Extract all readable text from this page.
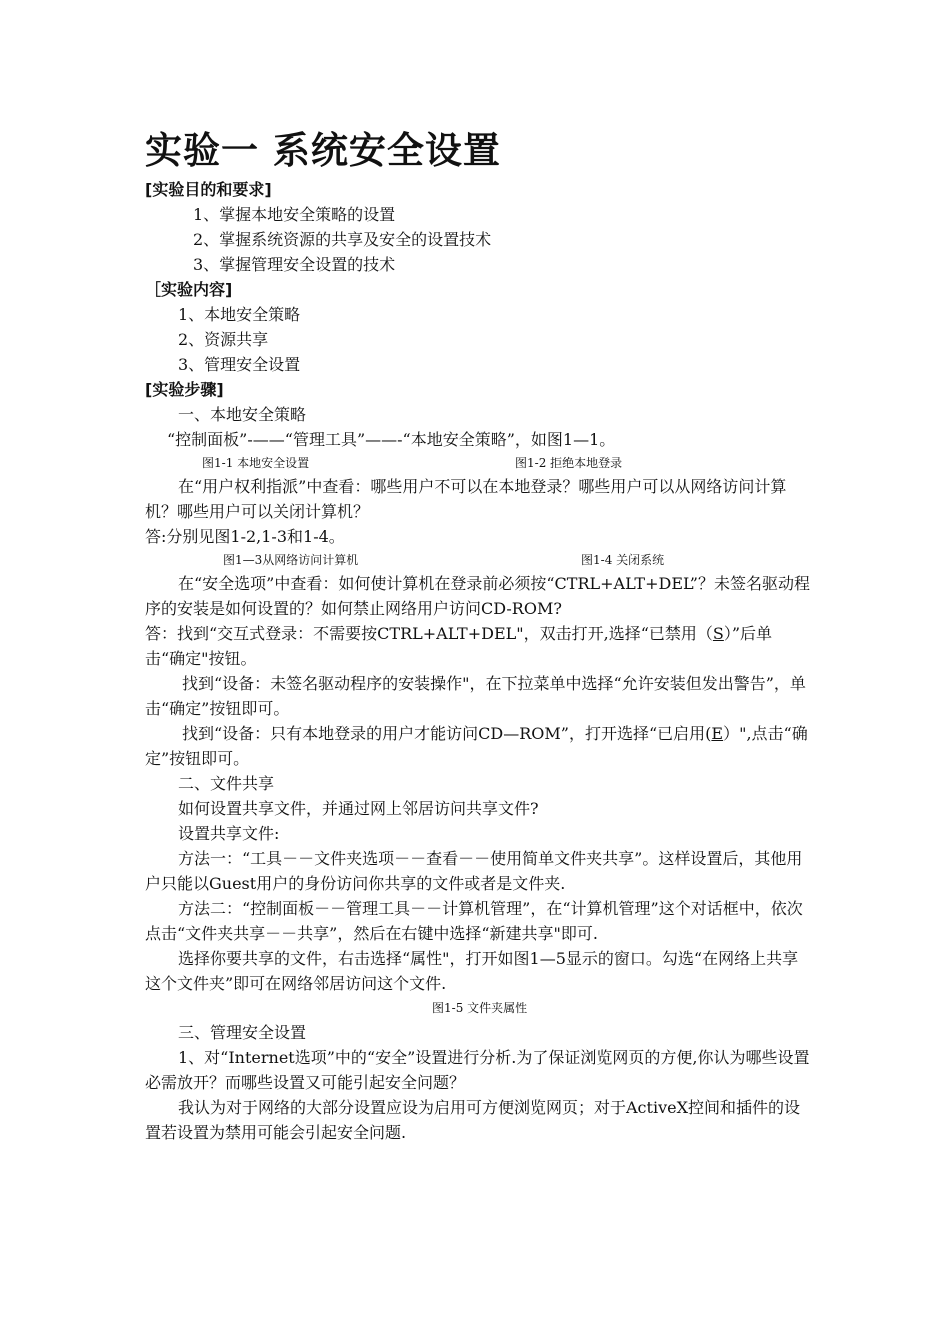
实验一 系统安全设置
[实验目的和要求]
1、掌握本地安全策略的设置
2、掌握系统资源的共享及安全的设置技术
3、掌握管理安全设置的技术
［实验内容]
1、本地安全策略
2、资源共享
3、管理安全设置
[实验步骤]
一、本地安全策略
“控制面板”-——“管理工具”——-“本地安全策略”，如图1—1。
图1-1 本地安全设置	图1-2 拒绝本地登录
在“用户权利指派”中查看：哪些用户不可以在本地登录？哪些用户可以从网络访问计算机？哪些用户可以关闭计算机？
答:分别见图1-2,1-3和1-4。
图1—3从网络访问计算机	图1-4 关闭系统
在“安全选项”中查看：如何使计算机在登录前必须按“CTRL+ALT+DEL”？未签名驱动程序的安装是如何设置的？如何禁止网络用户访问CD-ROM?
答：找到“交互式登录：不需要按CTRL+ALT+DEL"，双击打开,选择“已禁用（S）”后单击“确定"按钮。
找到“设备：未签名驱动程序的安装操作"，在下拉菜单中选择“允许安装但发出警告”，单击“确定”按钮即可。
找到“设备：只有本地登录的用户才能访问CD—ROM”，打开选择“已启用(E）",点击“确定”按钮即可。
二、文件共享
如何设置共享文件，并通过网上邻居访问共享文件?
设置共享文件:
方法一：“工具－－文件夹选项－－查看－－使用简单文件夹共享”。这样设置后，其他用户只能以Guest用户的身份访问你共享的文件或者是文件夹.
方法二：“控制面板－－管理工具－－计算机管理”，在“计算机管理”这个对话框中，依次点击“文件夹共享－－共享”，然后在右键中选择“新建共享"即可.
选择你要共享的文件，右击选择“属性"，打开如图1—5显示的窗口。勾选“在网络上共享这个文件夹”即可在网络邻居访问这个文件.
图1-5 文件夹属性
三、管理安全设置
1、对“Internet选项”中的“安全”设置进行分析.为了保证浏览网页的方便,你认为哪些设置必需放开？而哪些设置又可能引起安全问题？
我认为对于网络的大部分设置应设为启用可方便浏览网页；对于ActiveX控间和插件的设置若设置为禁用可能会引起安全问题.
